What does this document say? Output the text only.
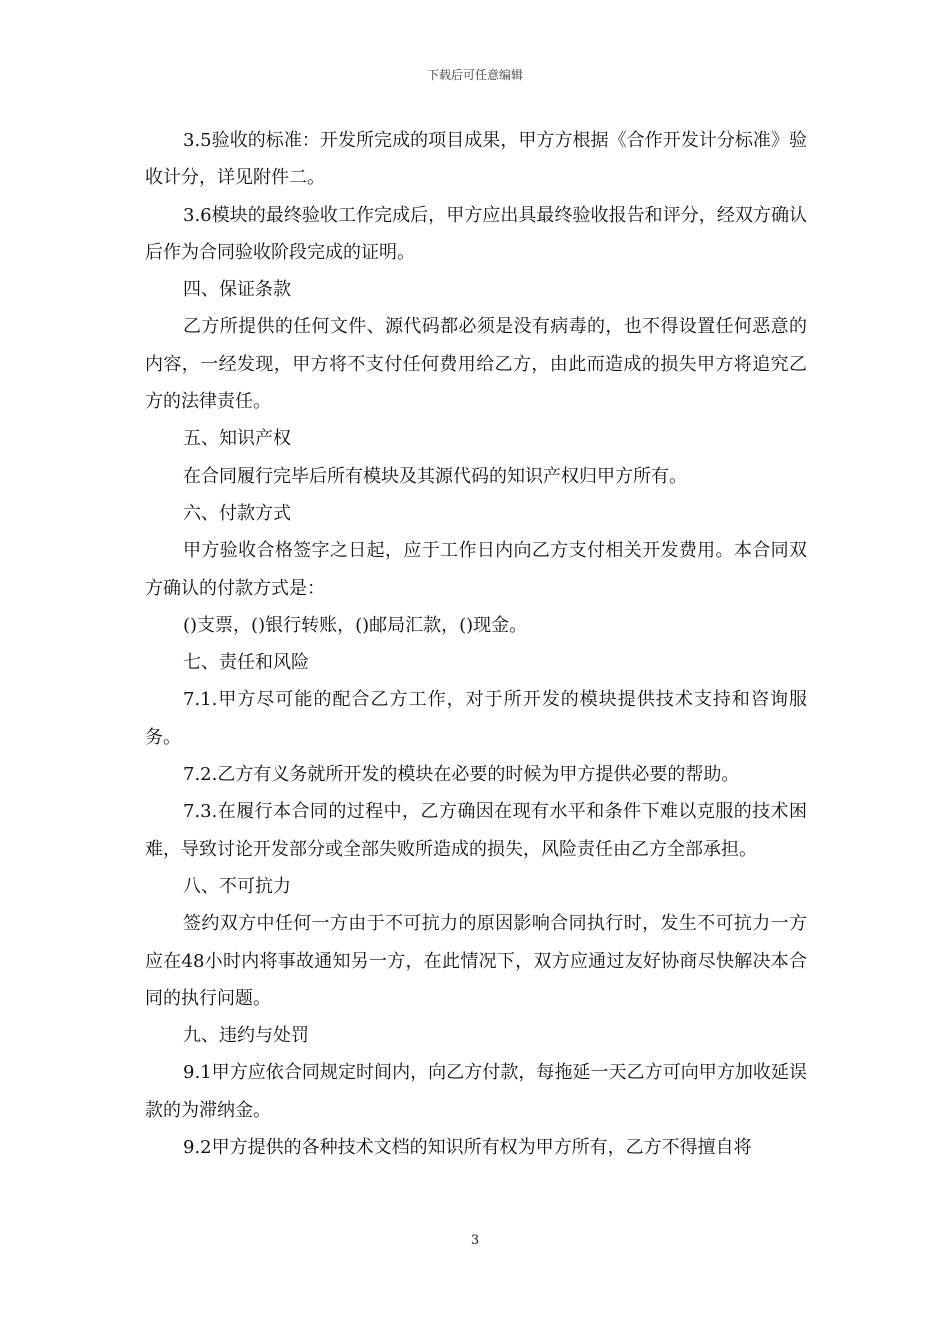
下载后可任意编辑

3.5验收的标准：开发所完成的项目成果，甲方方根据《合作开发计分标准》验收计分，详见附件二。

3.6模块的最终验收工作完成后，甲方应出具最终验收报告和评分，经双方确认后作为合同验收阶段完成的证明。

四、保证条款

乙方所提供的任何文件、源代码都必须是没有病毒的，也不得设置任何恶意的内容，一经发现，甲方将不支付任何费用给乙方，由此而造成的损失甲方将追究乙方的法律责任。

五、知识产权

在合同履行完毕后所有模块及其源代码的知识产权归甲方所有。

六、付款方式

甲方验收合格签字之日起，应于工作日内向乙方支付相关开发费用。本合同双方确认的付款方式是：

()支票，()银行转账，()邮局汇款，()现金。

七、责任和风险

7.1.甲方尽可能的配合乙方工作，对于所开发的模块提供技术支持和咨询服务。

7.2.乙方有义务就所开发的模块在必要的时候为甲方提供必要的帮助。

7.3.在履行本合同的过程中，乙方确因在现有水平和条件下难以克服的技术困难，导致讨论开发部分或全部失败所造成的损失，风险责任由乙方全部承担。

八、不可抗力

签约双方中任何一方由于不可抗力的原因影响合同执行时，发生不可抗力一方应在48小时内将事故通知另一方，在此情况下，双方应通过友好协商尽快解决本合同的执行问题。

九、违约与处罚

9.1甲方应依合同规定时间内，向乙方付款，每拖延一天乙方可向甲方加收延误款的为滞纳金。

9.2甲方提供的各种技术文档的知识所有权为甲方所有，乙方不得擅自将

3
